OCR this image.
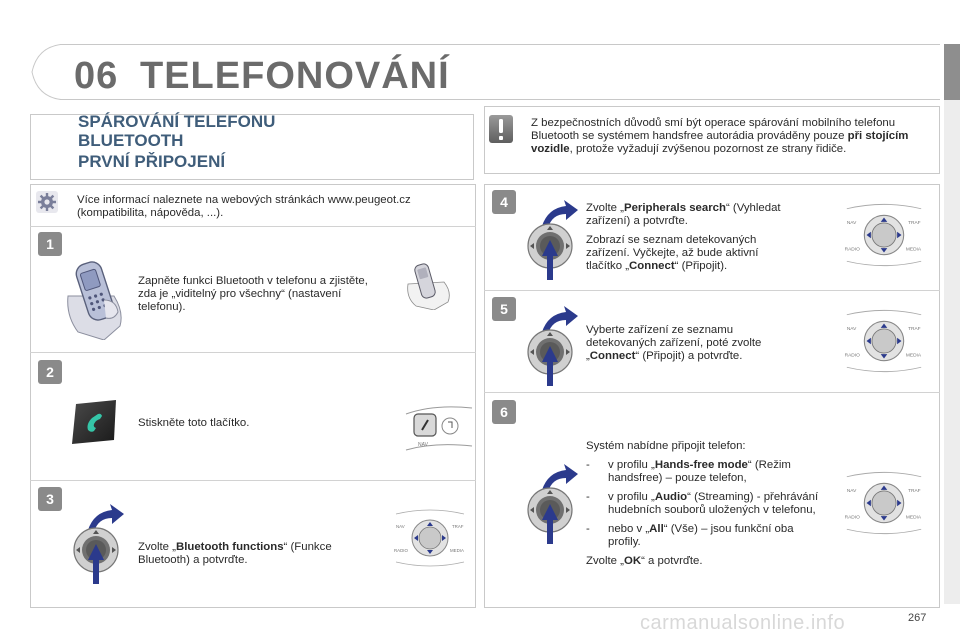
06 TELEFONOVÁNÍ
SPÁROVÁNÍ TELEFONU
BLUETOOTH
PRVNÍ PŘIPOJENÍ
Z bezpečnostních důvodů smí být operace spárování mobilního telefonu Bluetooth se systémem handsfree autorádia prováděny pouze při stojícím vozidle, protože vyžadují zvýšenou pozornost ze strany řidiče.
Více informací naleznete na webových stránkách www.peugeot.cz (kompatibilita, nápověda, ...).
1
Zapněte funkci Bluetooth v telefonu a zjistěte, zda je „viditelný pro všechny“ (nastavení telefonu).
2
Stiskněte toto tlačítko.
NAV
3
Zvolte „Bluetooth functions“ (Funkce Bluetooth) a potvrďte.
NAV	TRAF
RADIO	MEDIA
4	Zvolte „Peripherals search“ (Vyhledat zařízení) a potvrďte.

Zobrazí se seznam detekovaných zařízení. Vyčkejte, až bude aktivní tlačítko „Connect“ (Připojit).

NAV	TRAF
RADIO	MEDIA
5
Vyberte zařízení ze seznamu detekovaných zařízení, poté zvolte „Connect“ (Připojit) a potvrďte.
NAV	TRAF
RADIO	MEDIA
6

Systém nabídne připojit telefon:

- v profilu „Hands-free mode“ (Režim handsfree) – pouze telefon,
- v profilu „Audio“ (Streaming) - přehrávání hudebních souborů uložených v telefonu,
- nebo v „All“ (Vše) – jsou funkční oba profily.

Zvolte „OK“ a potvrďte.

NAV	TRAF
RADIO	MEDIA
carmanualsonline.info	267
